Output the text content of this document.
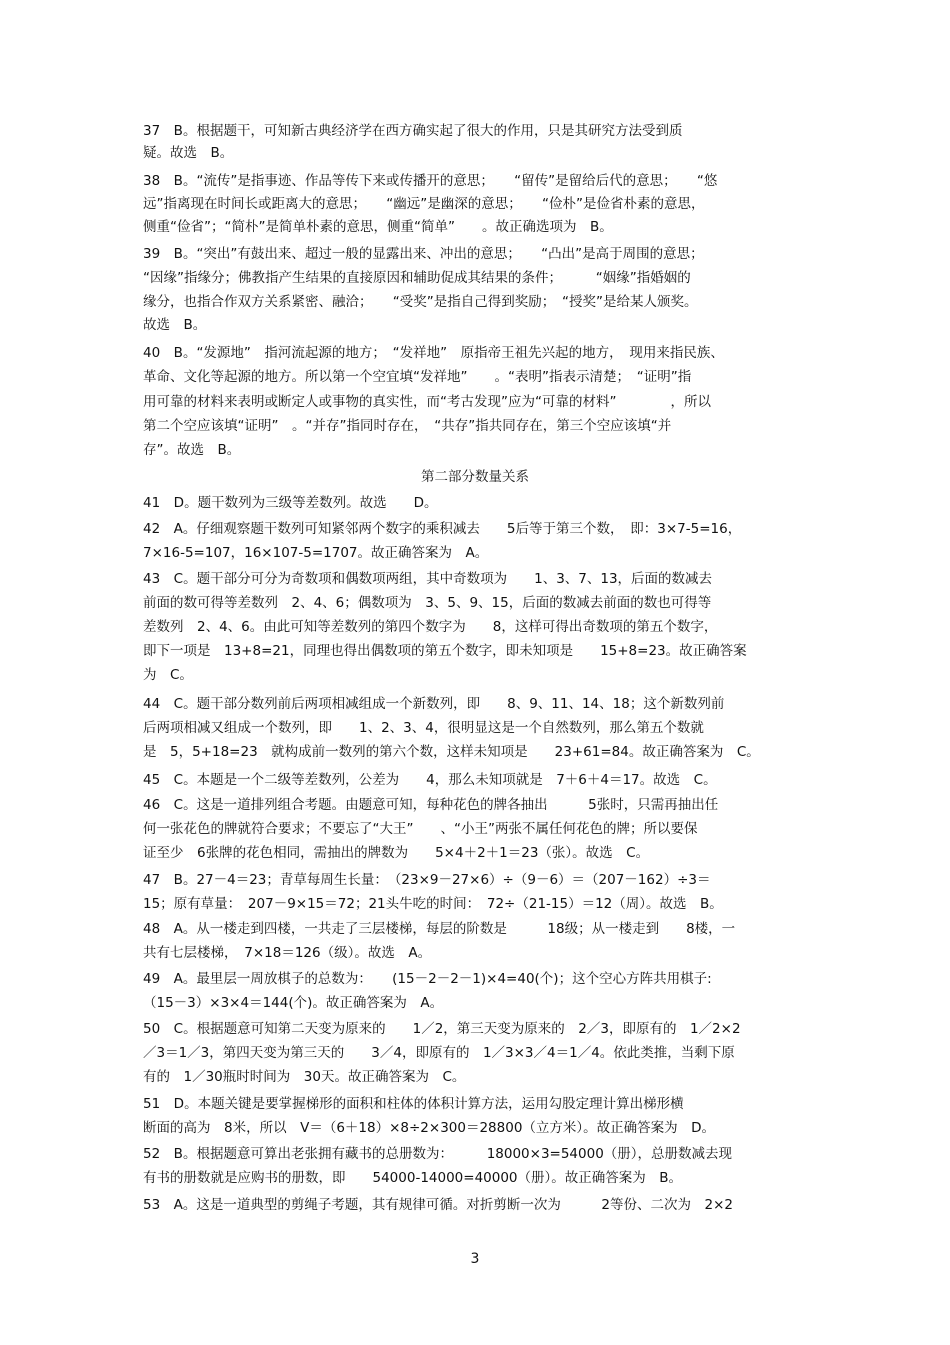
37　B。根据题干，可知新古典经济学在西方确实起了很大的作用，只是其研究方法受到质
疑。故选　B。
38　B。“流传”是指事迹、作品等传下来或传播开的意思；　　“留传”是留给后代的意思；　　“悠
远”指离现在时间长或距离大的意思；　　“幽远”是幽深的意思；　　“俭朴”是俭省朴素的意思，
侧重“俭省”；“简朴”是简单朴素的意思，侧重“简单”　　。故正确选项为　B。
39　B。“突出”有鼓出来、超过一般的显露出来、冲出的意思；　　“凸出”是高于周围的意思；
“因缘”指缘分；佛教指产生结果的直接原因和辅助促成其结果的条件；　　　“姻缘”指婚姻的
缘分，也指合作双方关系紧密、融洽；　　“受奖”是指自己得到奖励；　“授奖”是给某人颁奖。
故选　B。
40　B。“发源地”　指河流起源的地方；　“发祥地”　原指帝王祖先兴起的地方，　现用来指民族、
革命、文化等起源的地方。所以第一个空宜填“发祥地”　　。“表明”指表示清楚；　“证明”指
用可靠的材料来表明或断定人或事物的真实性，而“考古发现”应为“可靠的材料”　　　　，所以
第二个空应该填“证明”　。“并存”指同时存在，　“共存”指共同存在，第三个空应该填“并
存”。故选　B。
第二部分数量关系
41　D。题干数列为三级等差数列。故选　　D。
42　A。仔细观察题干数列可知紧邻两个数字的乘积减去　　5后等于第三个数，　即：3×7-5=16，
7×16-5=107，16×107-5=1707。故正确答案为　A。
43　C。题干部分可分为奇数项和偶数项两组，其中奇数项为　　1、3、7、13，后面的数减去
前面的数可得等差数列　2、4、6；偶数项为　3、5、9、15，后面的数减去前面的数也可得等
差数列　2、4、6。由此可知等差数列的第四个数字为　　8，这样可得出奇数项的第五个数字，
即下一项是　13+8=21，同理也得出偶数项的第五个数字，即未知项是　　15+8=23。故正确答案
为　C。
44　C。题干部分数列前后两项相减组成一个新数列，即　　8、9、11、14、18；这个新数列前
后两项相减又组成一个数列，即　　1、2、3、4，很明显这是一个自然数列，那么第五个数就
是　5，5+18=23　就构成前一数列的第六个数，这样未知项是　　23+61=84。故正确答案为　C。
45　C。本题是一个二级等差数列，公差为　　4，那么未知项就是　7＋6＋4＝17。故选　C。
46　C。这是一道排列组合考题。由题意可知，每种花色的牌各抽出　　　5张时，只需再抽出任
何一张花色的牌就符合要求；不要忘了“大王”　　、“小王”两张不属任何花色的牌；所以要保
证至少　6张牌的花色相同，需抽出的牌数为　　5×4＋2＋1＝23（张）。故选　C。
47　B。27－4＝23；青草每周生长量：　（23×9－27×6）÷（9－6）＝（207－162）÷3＝
15；原有草量：　207－9×15＝72；21头牛吃的时间：　72÷（21-15）＝12（周）。故选　B。
48　A。从一楼走到四楼，一共走了三层楼梯，每层的阶数是　　　18级；从一楼走到　　8楼，一
共有七层楼梯，　7×18＝126（级）。故选　A。
49　A。最里层一周放棋子的总数为：　　(15－2－2－1)×4=40(个)；这个空心方阵共用棋子:
（15－3）×3×4＝144(个)。故正确答案为　A。
50　C。根据题意可知第二天变为原来的　　1／2，第三天变为原来的　2／3，即原有的　1／2×2
／3＝1／3，第四天变为第三天的　　3／4，即原有的　1／3×3／4＝1／4。依此类推，当剩下原
有的　1／30瓶时时间为　30天。故正确答案为　C。
51　D。本题关键是要掌握梯形的面积和柱体的体积计算方法，运用勾股定理计算出梯形横
断面的高为　8米，所以　V＝（6＋18）×8÷2×300＝28800（立方米）。故正确答案为　D。
52　B。根据题意可算出老张拥有藏书的总册数为：　　　18000×3=54000（册），总册数减去现
有书的册数就是应购书的册数，即　　54000-14000=40000（册）。故正确答案为　B。
53　A。这是一道典型的剪绳子考题，其有规律可循。对折剪断一次为　　　2等份、二次为　2×2
3
